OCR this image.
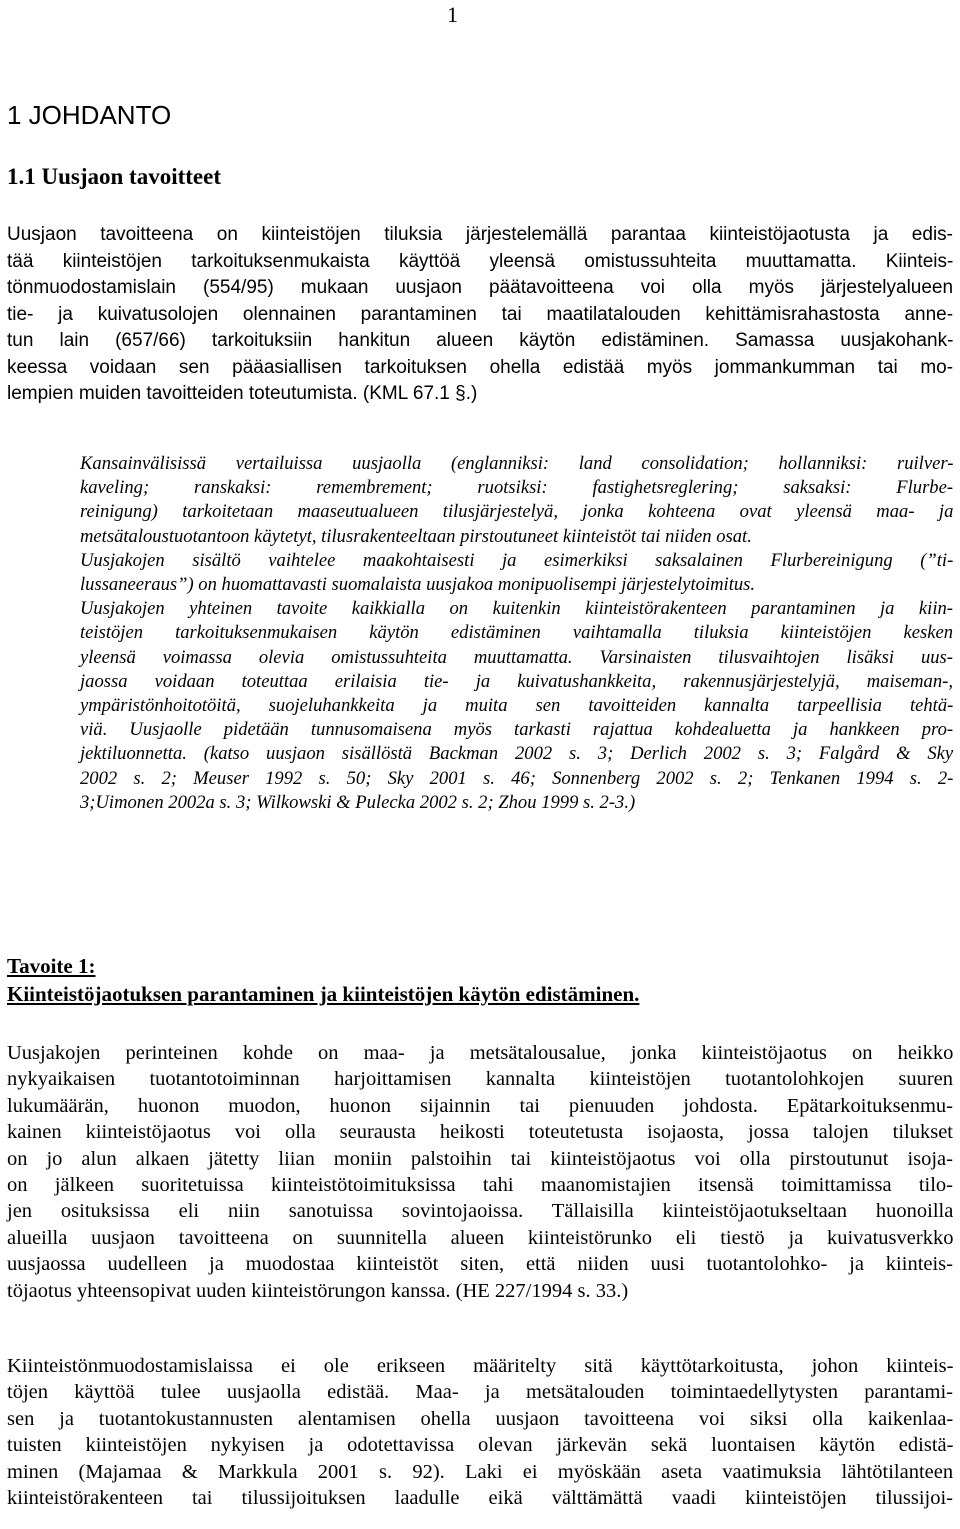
1
1 JOHDANTO
1.1 Uusjaon tavoitteet
Uusjaon tavoitteena on kiinteistöjen tiluksia järjestelemällä parantaa kiinteistöjaotusta ja edis-
tää kiinteistöjen tarkoituksenmukaista käyttöä yleensä omistussuhteita muuttamatta. Kiinteis-
tönmuodostamislain (554/95) mukaan uusjaon päätavoitteena voi olla myös järjestelyalueen
tie- ja kuivatusolojen olennainen parantaminen tai maatilatalouden kehittämisrahastosta anne-
tun lain (657/66) tarkoituksiin hankitun alueen käytön edistäminen. Samassa uusjakohank-
keessa voidaan sen pääasiallisen tarkoituksen ohella edistää myös jommankumman tai mo-
lempien muiden tavoitteiden toteutumista. (KML 67.1 §.)
Kansainvälisissä vertailuissa uusjaolla (englanniksi: land consolidation; hollanniksi: ruilver-
kaveling; ranskaksi: remembrement; ruotsiksi: fastighetsreglering; saksaksi: Flurbe-
reinigung) tarkoitetaan maaseutualueen tilusjärjestelyä, jonka kohteena ovat yleensä maa- ja
metsätaloustuotantoon käytetyt, tilusrakenteeltaan pirstoutuneet kiinteistöt tai niiden osat.
Uusjakojen sisältö vaihtelee maakohtaisesti ja esimerkiksi saksalainen Flurbereinigung (”ti-
lussaneeraus”) on huomattavasti suomalaista uusjakoa monipuolisempi järjestelytoimitus.
Uusjakojen yhteinen tavoite kaikkialla on kuitenkin kiinteistörakenteen parantaminen ja kiin-
teistöjen tarkoituksenmukaisen käytön edistäminen vaihtamalla tiluksia kiinteistöjen kesken
yleensä voimassa olevia omistussuhteita muuttamatta. Varsinaisten tilusvaihtojen lisäksi uus-
jaossa voidaan toteuttaa erilaisia tie- ja kuivatushankkeita, rakennusjärjestelyjä, maiseman-,
ympäristönhoitotöitä, suojeluhankkeita ja muita sen tavoitteiden kannalta tarpeellisia tehtä-
viä. Uusjaolle pidetään tunnusomaisena myös tarkasti rajattua kohdealuetta ja hankkeen pro-
jektiluonnetta. (katso uusjaon sisällöstä Backman 2002 s. 3; Derlich 2002 s. 3; Falgård & Sky
2002 s. 2; Meuser 1992 s. 50; Sky 2001 s. 46; Sonnenberg 2002 s. 2; Tenkanen 1994 s. 2-
3;Uimonen 2002a s. 3; Wilkowski & Pulecka 2002 s. 2; Zhou 1999 s. 2-3.)
Tavoite 1:
Kiinteistöjaotuksen parantaminen ja kiinteistöjen käytön edistäminen.
Uusjakojen perinteinen kohde on maa- ja metsätalousalue, jonka kiinteistöjaotus on heikko
nykyaikaisen tuotantotoiminnan harjoittamisen kannalta kiinteistöjen tuotantolohkojen suuren
lukumäärän, huonon muodon, huonon sijainnin tai pienuuden johdosta. Epätarkoituksenmu-
kainen kiinteistöjaotus voi olla seurausta heikosti toteutetusta isojaosta, jossa talojen tilukset
on jo alun alkaen jätetty liian moniin palstoihin tai kiinteistöjaotus voi olla pirstoutunut isoja-
on jälkeen suoritetuissa kiinteistötoimituksissa tahi maanomistajien itsensä toimittamissa tilo-
jen osituksissa eli niin sanotuissa sovintojaoissa. Tällaisilla kiinteistöjaotukseltaan huonoilla
alueilla uusjaon tavoitteena on suunnitella alueen kiinteistörunko eli tiestö ja kuivatusverkko
uusjaossa uudelleen ja muodostaa kiinteistöt siten, että niiden uusi tuotantolohko- ja kiinteis-
töjaotus yhteensopivat uuden kiinteistörungon kanssa. (HE 227/1994 s. 33.)
Kiinteistönmuodostamislaissa ei ole erikseen määritelty sitä käyttötarkoitusta, johon kiinteis-
töjen käyttöä tulee uusjaolla edistää. Maa- ja metsätalouden toimintaedellytysten parantami-
sen ja tuotantokustannusten alentamisen ohella uusjaon tavoitteena voi siksi olla kaikenlaa-
tuisten kiinteistöjen nykyisen ja odotettavissa olevan järkevän sekä luontaisen käytön edistä-
minen (Majamaa & Markkula 2001 s. 92). Laki ei myöskään aseta vaatimuksia lähtötilanteen
kiinteistörakenteen tai tilussijoituksen laadulle eikä välttämättä vaadi kiinteistöjen tilussijoi-
